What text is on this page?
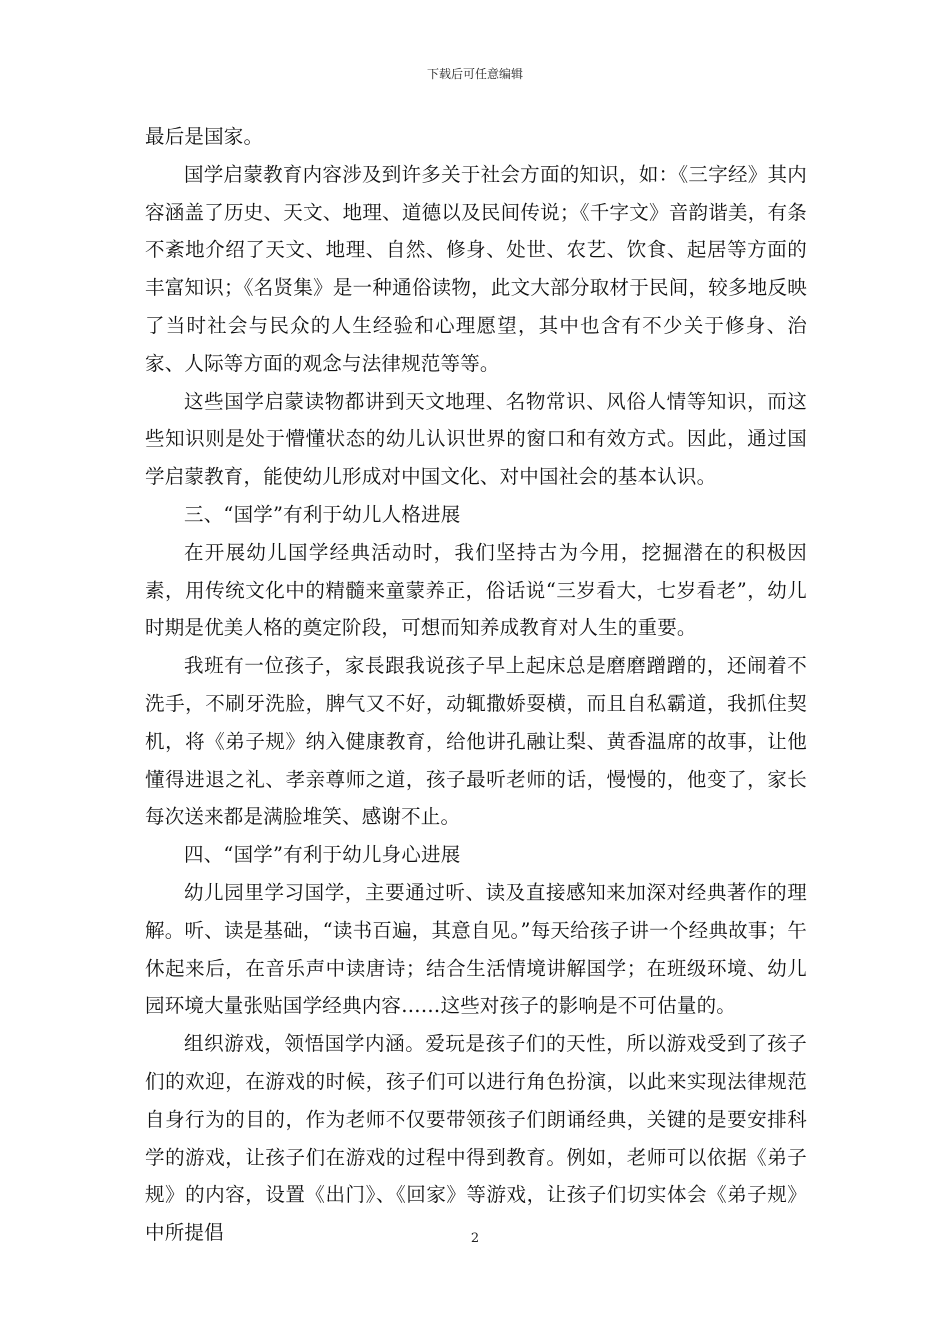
下载后可任意编辑

最后是国家。

国学启蒙教育内容涉及到许多关于社会方面的知识，如：《三字经》其内容涵盖了历史、天文、地理、道德以及民间传说；《千字文》音韵谐美，有条不紊地介绍了天文、地理、自然、修身、处世、农艺、饮食、起居等方面的丰富知识；《名贤集》是一种通俗读物，此文大部分取材于民间，较多地反映了当时社会与民众的人生经验和心理愿望，其中也含有不少关于修身、治家、人际等方面的观念与法律规范等等。

这些国学启蒙读物都讲到天文地理、名物常识、风俗人情等知识，而这些知识则是处于懵懂状态的幼儿认识世界的窗口和有效方式。因此，通过国学启蒙教育，能使幼儿形成对中国文化、对中国社会的基本认识。

三、“国学”有利于幼儿人格进展

在开展幼儿国学经典活动时，我们坚持古为今用，挖掘潜在的积极因素，用传统文化中的精髓来童蒙养正，俗话说“三岁看大，七岁看老”，幼儿时期是优美人格的奠定阶段，可想而知养成教育对人生的重要。

我班有一位孩子，家長跟我说孩子早上起床总是磨磨蹭蹭的，还闹着不洗手，不刷牙洗脸，脾气又不好，动辄撒娇耍横，而且自私霸道，我抓住契机，将《弟子规》纳入健康教育，给他讲孔融让梨、黄香温席的故事，让他懂得进退之礼、孝亲尊师之道，孩子最听老师的话，慢慢的，他变了，家长每次送来都是满脸堆笑、感谢不止。

四、“国学”有利于幼儿身心进展

幼儿园里学习国学，主要通过听、读及直接感知来加深对经典著作的理解。听、读是基础，“读书百遍，其意自见。”每天给孩子讲一个经典故事；午休起来后，在音乐声中读唐诗；结合生活情境讲解国学；在班级环境、幼儿园环境大量张贴国学经典内容……这些对孩子的影响是不可估量的。

组织游戏，领悟国学内涵。爱玩是孩子们的天性，所以游戏受到了孩子们的欢迎，在游戏的时候，孩子们可以进行角色扮演，以此来实现法律规范自身行为的目的，作为老师不仅要带领孩子们朗诵经典，关键的是要安排科学的游戏，让孩子们在游戏的过程中得到教育。例如，老师可以依据《弟子规》的内容，设置《出门》、《回家》等游戏，让孩子们切实体会《弟子规》中所提倡	2
